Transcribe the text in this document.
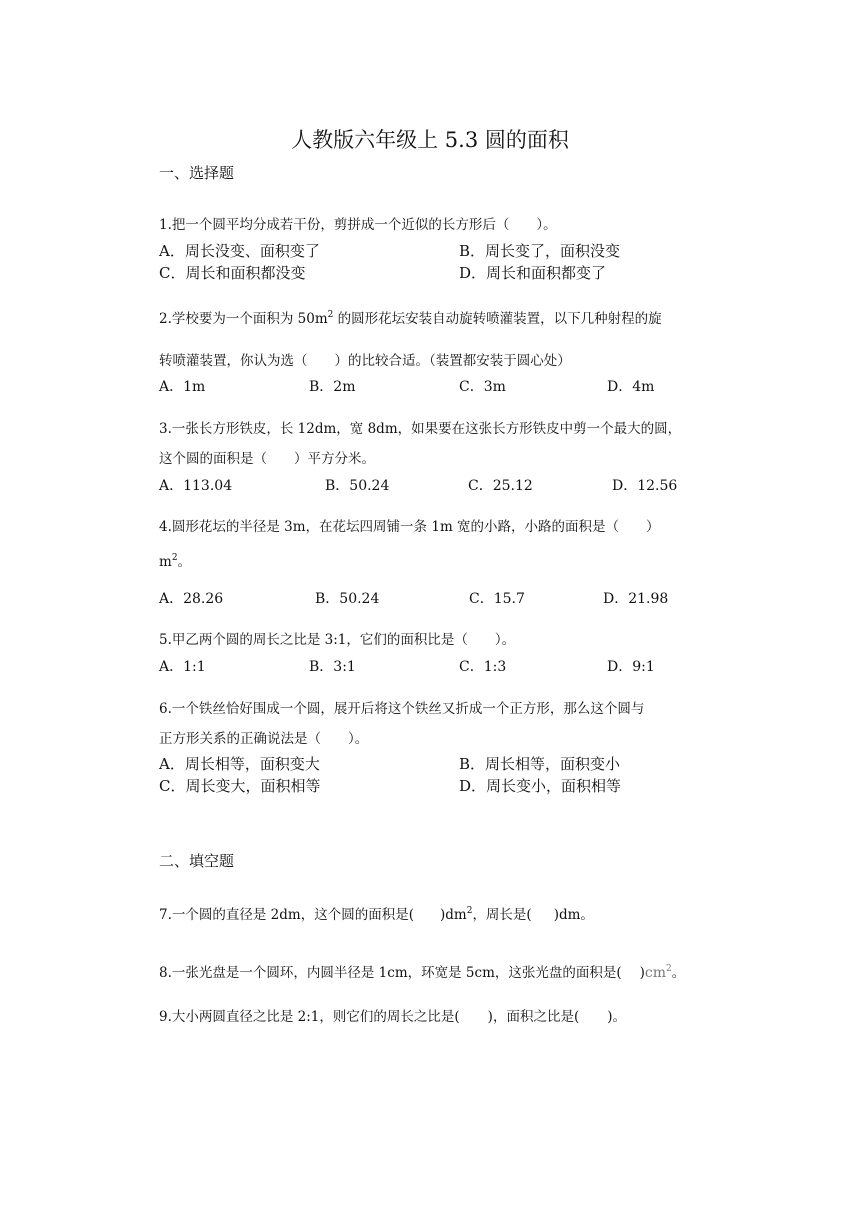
人教版六年级上 5.3 圆的面积
一、选择题
1.把一个圆平均分成若干份，剪拼成一个近似的长方形后（　　）。
A．周长没变、面积变了	B．周长变了，面积没变
C．周长和面积都没变	D．周长和面积都变了
2.学校要为一个面积为 $50m^2$ 的圆形花坛安装自动旋转喷灌装置，以下几种射程的旋
转喷灌装置，你认为选（　　）的比较合适。（装置都安装于圆心处）
A．1m	B．2m	C．3m	D．4m
3.一张长方形铁皮，长 12dm，宽 8dm，如果要在这张长方形铁皮中剪一个最大的圆，
这个圆的面积是（　　）平方分米。
A．113.04	B．50.24	C．25.12	D．12.56
4.圆形花坛的半径是 3m，在花坛四周铺一条 1m 宽的小路，小路的面积是（　　）
$m^2$。
A．28.26	B．50.24	C．15.7	D．21.98
5.甲乙两个圆的周长之比是 3:1，它们的面积比是（　　）。
A．1:1	B．3:1	C．1:3	D．9:1
6.一个铁丝恰好围成一个圆，展开后将这个铁丝又折成一个正方形，那么这个圆与
正方形关系的正确说法是（　　）。
A．周长相等，面积变大	B．周长相等，面积变小
C．周长变大，面积相等	D．周长变小，面积相等
二、填空题
7.一个圆的直径是 2dm，这个圆的面积是( )$dm^2$，周长是( )dm。
8.一张光盘是一个圆环，内圆半径是 1cm，环宽是 5cm，这张光盘的面积是( )$cm^2$。
9.大小两圆直径之比是 2:1，则它们的周长之比是( )，面积之比是( )。
